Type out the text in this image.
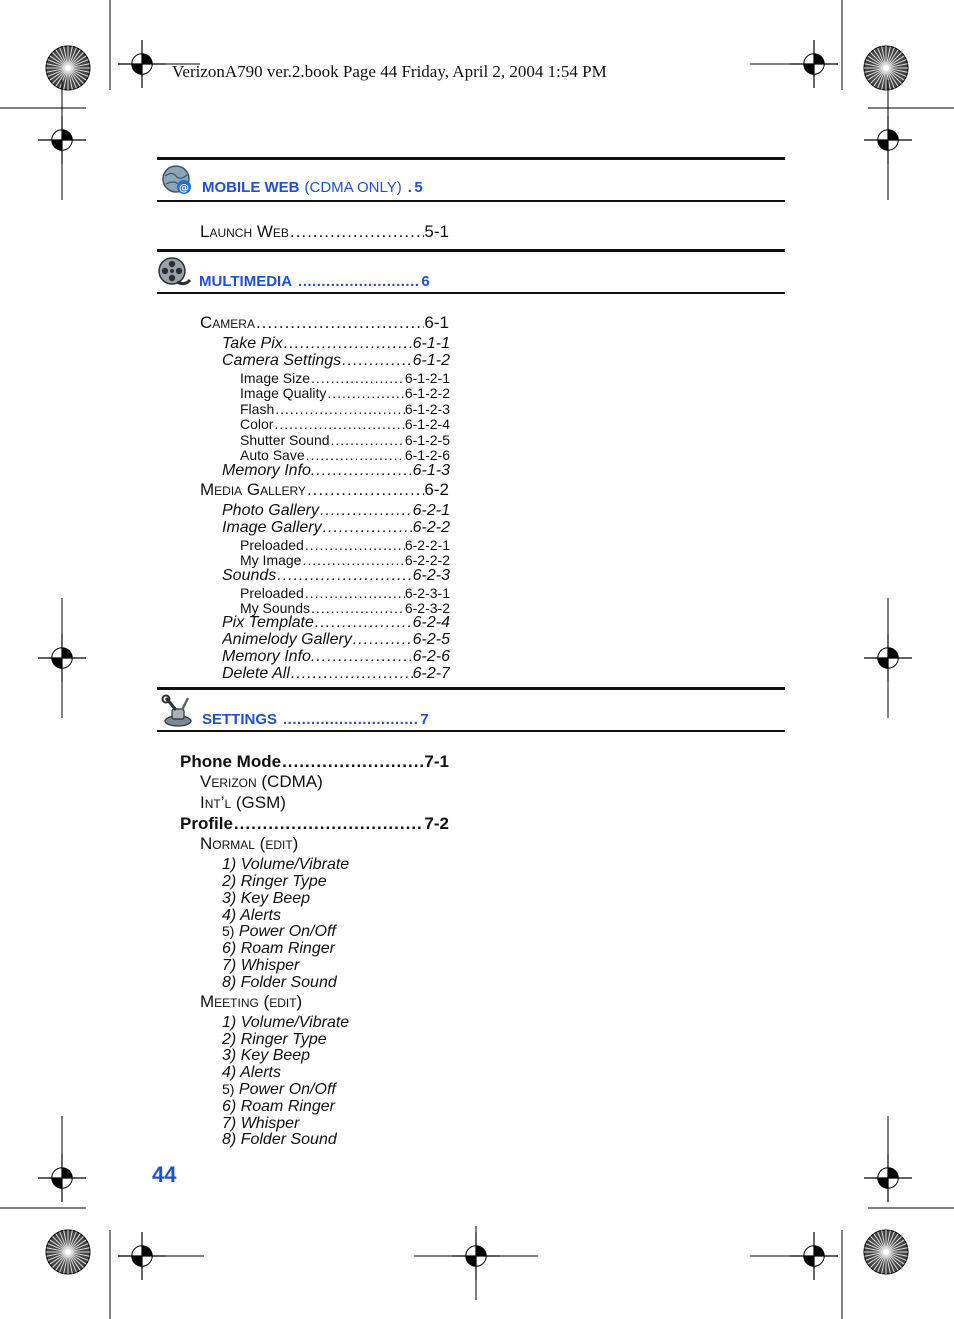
VerizonA790 ver.2.book Page 44 Friday, April 2, 2004 1:54 PM
@ MOBILE WEB (CDMA ONLY) . 5
Launch Web .....	5-1
MULTIMEDIA .......................... 6
Camera .....	6-1
Take Pix .....	6-1-1
Camera Settings .....	6-1-2
Image Size .....	6-1-2-1
Image Quality .....	6-1-2-2
Flash .....	6-1-2-3
Color .....	6-1-2-4
Shutter Sound .....	6-1-2-5
Auto Save .....	6-1-2-6
Memory Info. .....	6-1-3
Media Gallery .....	6-2
Photo Gallery .....	6-2-1
Image Gallery .....	6-2-2
Preloaded .....	6-2-2-1
My Image .....	6-2-2-2
Sounds .....	6-2-3
Preloaded .....	6-2-3-1
My Sounds .....	6-2-3-2
Pix Template .....	6-2-4
Animelody Gallery .....	6-2-5
Memory Info. .....	6-2-6
Delete All .....	6-2-7
SETTINGS ............................. 7
Phone Mode .....	7-1
Verizon (CDMA)
Int’l (GSM)
Profile .....	7-2
Normal (edit)
1) Volume/Vibrate
2) Ringer Type
3) Key Beep
4) Alerts
5) Power On/Off
6) Roam Ringer
7) Whisper
8) Folder Sound
Meeting (edit)
1) Volume/Vibrate
2) Ringer Type
3) Key Beep
4) Alerts
5) Power On/Off
6) Roam Ringer
7) Whisper
8) Folder Sound
44
